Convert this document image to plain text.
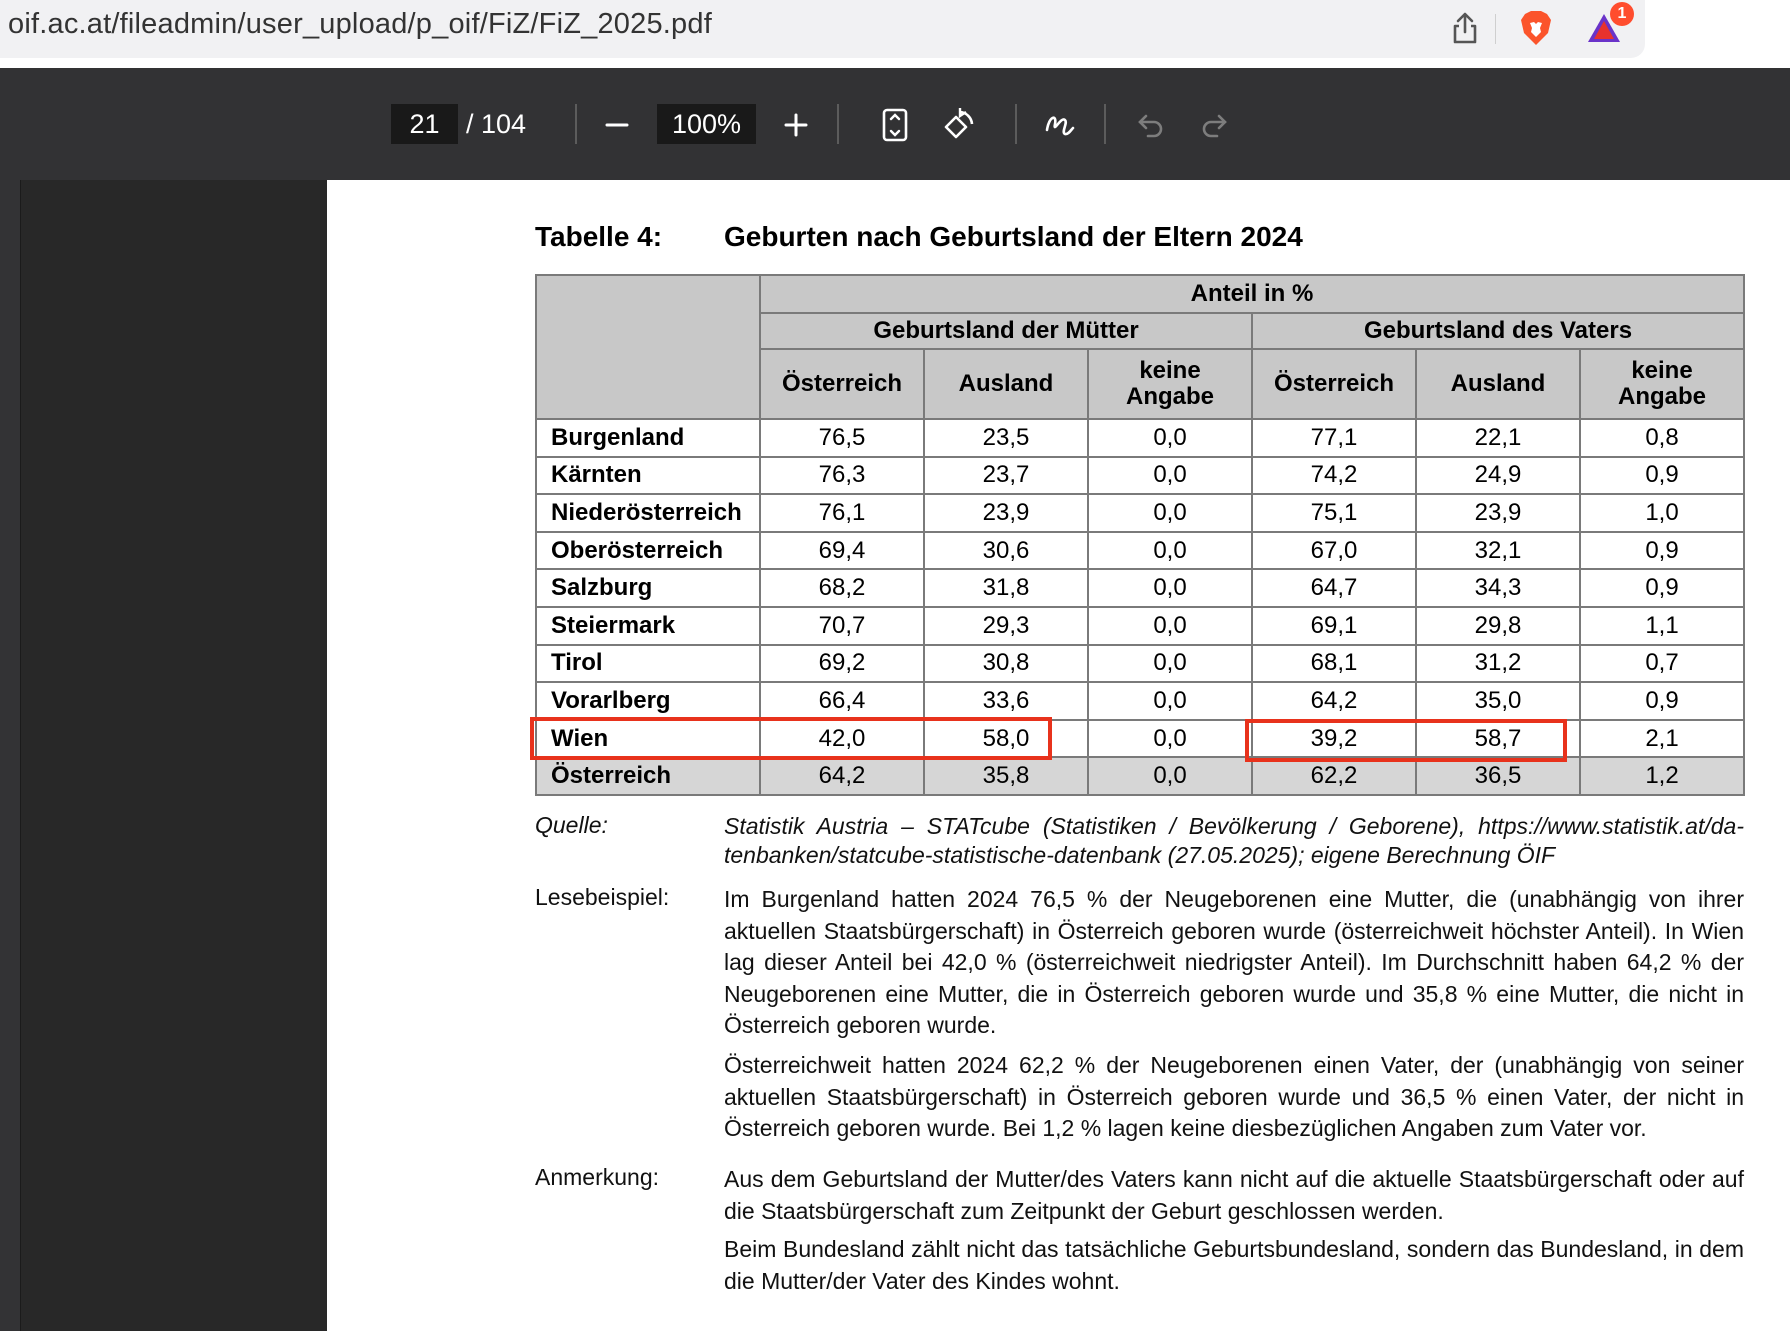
oif.ac.at/fileadmin/user_upload/p_oif/FiZ/FiZ_2025.pdf	1
21 / 104	100%
Tabelle 4: Geburten nach Geburtsland der Eltern 2024
	Anteil in %					
	Geburtsland der Mütter			Geburtsland des Vaters		
	Österreich	Ausland	keine Angabe	Österreich	Ausland	keine Angabe
Burgenland	76,5	23,5	0,0	77,1	22,1	0,8
Kärnten	76,3	23,7	0,0	74,2	24,9	0,9
Niederösterreich	76,1	23,9	0,0	75,1	23,9	1,0
Oberösterreich	69,4	30,6	0,0	67,0	32,1	0,9
Salzburg	68,2	31,8	0,0	64,7	34,3	0,9
Steiermark	70,7	29,3	0,0	69,1	29,8	1,1
Tirol	69,2	30,8	0,0	68,1	31,2	0,7
Vorarlberg	66,4	33,6	0,0	64,2	35,0	0,9
Wien	42,0	58,0	0,0	39,2	58,7	2,1
Österreich	64,2	35,8	0,0	62,2	36,5	1,2
Quelle:	Statistik Austria – STATcube (Statistiken / Bevölkerung / Geborene), https://www.statistik.at/da-tenbanken/statcube-statistische-datenbank (27.05.2025); eigene Berechnung ÖIF
Lesebeispiel: Im Burgenland hatten 2024 76,5 % der Neugeborenen eine Mutter, die (unabhängig von ihrer aktuellen Staatsbürgerschaft) in Österreich geboren wurde (österreichweit höchster Anteil). In Wien lag dieser Anteil bei 42,0 % (österreichweit niedrigster Anteil). Im Durchschnitt haben 64,2 % der Neugeborenen eine Mutter, die in Österreich geboren wurde und 35,8 % eine Mutter, die nicht in Österreich geboren wurde.
Österreichweit hatten 2024 62,2 % der Neugeborenen einen Vater, der (unabhängig von seiner aktuellen Staatsbürgerschaft) in Österreich geboren wurde und 36,5 % einen Vater, der nicht in Österreich geboren wurde. Bei 1,2 % lagen keine diesbezüglichen Angaben zum Vater vor.
Anmerkung:	Aus dem Geburtsland der Mutter/des Vaters kann nicht auf die aktuelle Staatsbürgerschaft oder auf die Staatsbürgerschaft zum Zeitpunkt der Geburt geschlossen werden.
Beim Bundesland zählt nicht das tatsächliche Geburtsbundesland, sondern das Bundesland, in dem die Mutter/der Vater des Kindes wohnt.
